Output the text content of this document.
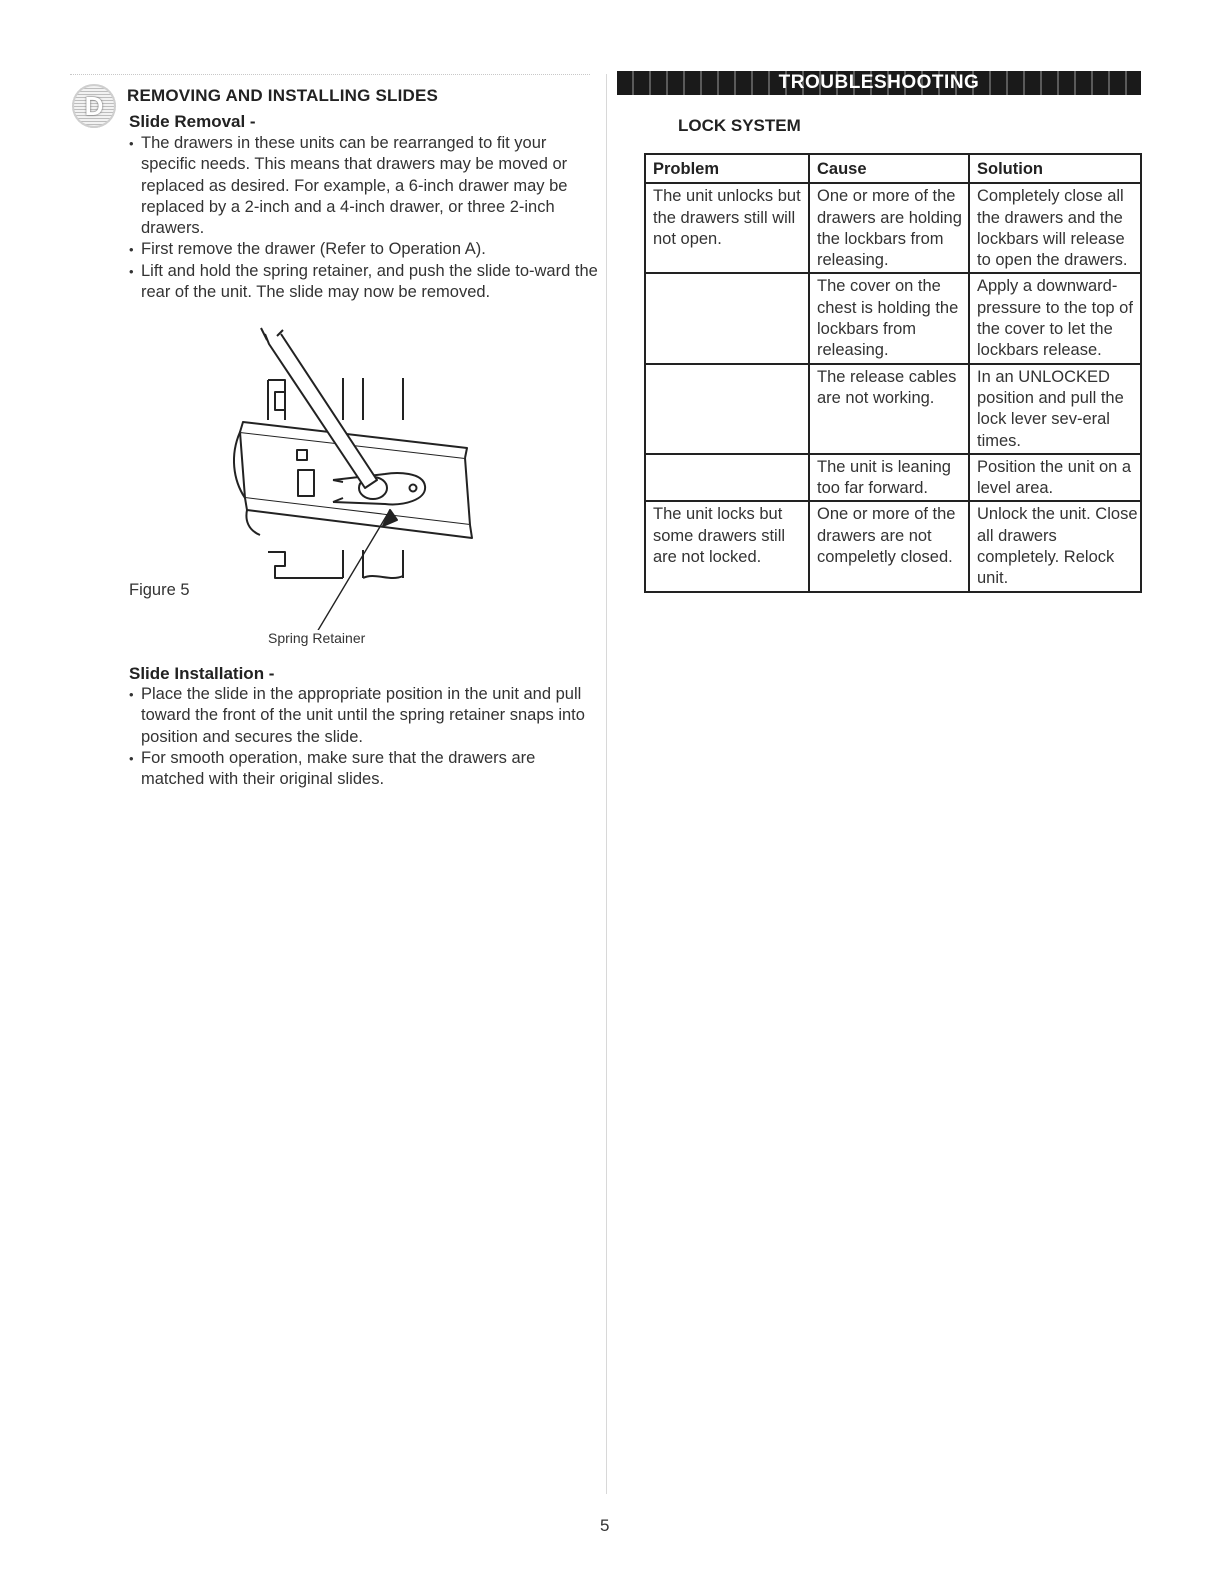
D REMOVING AND INSTALLING SLIDES
Slide Removal -
• The drawers in these units can be rearranged to fit your specific needs. This means that drawers may be moved or replaced as desired. For example, a 6-inch drawer may be replaced by a 2-inch and a 4-inch drawer, or three 2-inch drawers.
• First remove the drawer (Refer to Operation A).
• Lift and hold the spring retainer, and push the slide to-ward the rear of the unit. The slide may now be removed.
Figure 5
Spring Retainer
Slide Installation -
• Place the slide in the appropriate position in the unit and pull toward the front of the unit until the spring retainer snaps into position and secures the slide.
• For smooth operation, make sure that the drawers are matched with their original slides.
TROUBLESHOOTING
LOCK SYSTEM
Problem	Cause	Solution
The unit unlocks but the drawers still will not open.	One or more of the drawers are holding the lockbars from releasing.	Completely close all the drawers and the lockbars will release to open the drawers.
	The cover on the chest is holding the lockbars from releasing.	Apply a downward-pressure to the top of the cover to let the lockbars release.
	The release cables are not working.	In an UNLOCKED position and pull the lock lever sev-eral times.
	The unit is leaning too far forward.	Position the unit on a level area.
The unit locks but some drawers still are not locked.	One or more of the drawers are not compeletly closed.	Unlock the unit. Close all drawers completely. Relock unit.
5
